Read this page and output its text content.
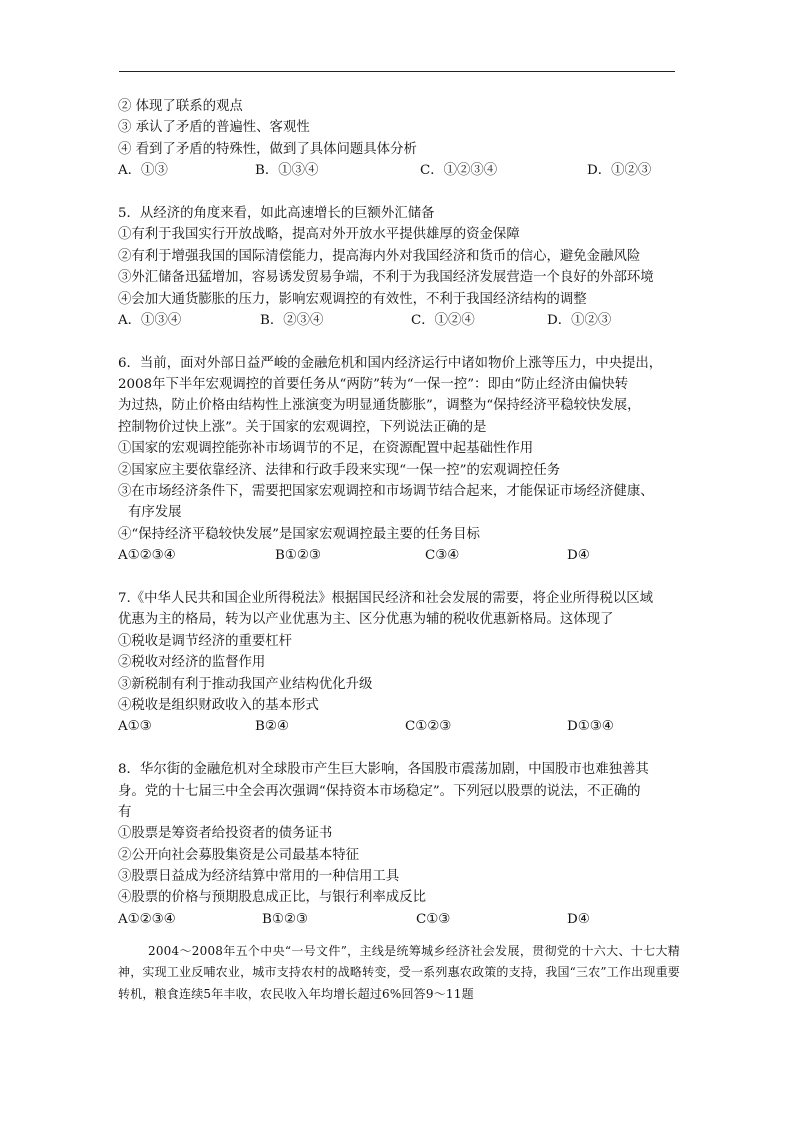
② 体现了联系的观点
③ 承认了矛盾的普遍性、客观性
④ 看到了矛盾的特殊性，做到了具体问题具体分析
A．①③	B．①③④	C．①②③④	D．①②③
5．从经济的角度来看，如此高速增长的巨额外汇储备
①有利于我国实行开放战略，提高对外开放水平提供雄厚的资金保障
②有利于增强我国的国际清偿能力，提高海内外对我国经济和货币的信心，避免金融风险
③外汇储备迅猛增加，容易诱发贸易争端，不利于为我国经济发展营造一个良好的外部环境
④会加大通货膨胀的压力，影响宏观调控的有效性，不利于我国经济结构的调整
A．①③④	B．②③④	C．①②④	D．①②③
6．当前，面对外部日益严峻的金融危机和国内经济运行中诸如物价上涨等压力，中央提出，
2008年下半年宏观调控的首要任务从“两防”转为“一保一控”：即由“防止经济由偏快转
为过热，防止价格由结构性上涨演变为明显通货膨胀”，调整为“保持经济平稳较快发展，
控制物价过快上涨”。关于国家的宏观调控，下列说法正确的是
①国家的宏观调控能弥补市场调节的不足，在资源配置中起基础性作用
②国家应主要依靠经济、法律和行政手段来实现“一保一控”的宏观调控任务
③在市场经济条件下，需要把国家宏观调控和市场调节结合起来，才能保证市场经济健康、
有序发展
④“保持经济平稳较快发展”是国家宏观调控最主要的任务目标
A①②③④	B①②③	C③④	D④
7.《中华人民共和国企业所得税法》根据国民经济和社会发展的需要，将企业所得税以区域
优惠为主的格局，转为以产业优惠为主、区分优惠为辅的税收优惠新格局。这体现了
①税收是调节经济的重要杠杆
②税收对经济的监督作用
③新税制有利于推动我国产业结构优化升级
④税收是组织财政收入的基本形式
A①③	B②④	C①②③	D①③④
8．华尔街的金融危机对全球股市产生巨大影响，各国股市震荡加剧，中国股市也难独善其
身。党的十七届三中全会再次强调“保持资本市场稳定”。下列冠以股票的说法，不正确的
有
①股票是筹资者给投资者的债务证书
②公开向社会募股集资是公司最基本特征
③股票日益成为经济结算中常用的一种信用工具
④股票的价格与预期股息成正比，与银行利率成反比
A①②③④	B①②③	C①③	D④
2004～2008年五个中央“一号文件”，主线是统筹城乡经济社会发展，贯彻党的十六大、十七大精神，实现工业反哺农业，城市支持农村的战略转变，受一系列惠农政策的支持，我国“三农”工作出现重要转机，粮食连续5年丰收，农民收入年均增长超过6%回答9～11题
